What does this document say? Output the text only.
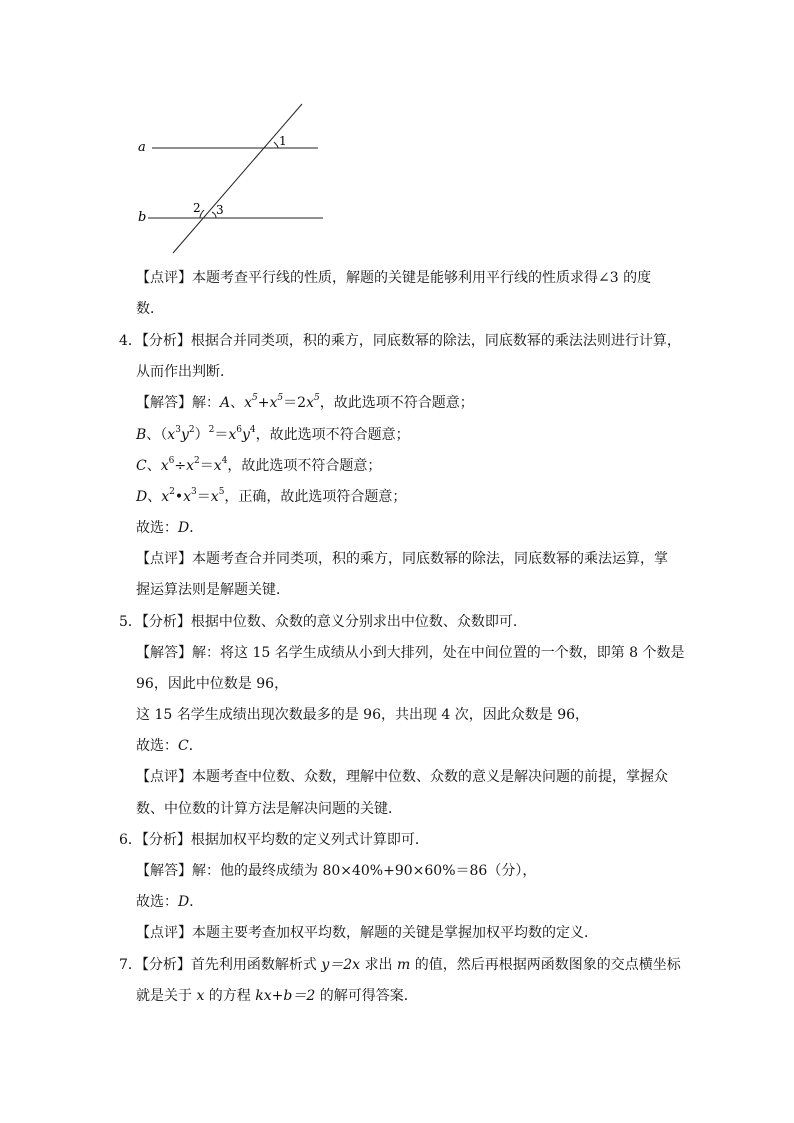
a
b
1
2 3
【点评】本题考查平行线的性质，解题的关键是能够利用平行线的性质求得∠3 的度
数．
4．【分析】根据合并同类项，积的乘方，同底数幂的除法，同底数幂的乘法法则进行计算，
从而作出判断．
【解答】解：A、$x^5+x^5=2x^5$，故此选项不符合题意；
B、$(x^3y^2)^2=x^6y^4$，故此选项不符合题意；
C、$x^6\div x^2=x^4$，故此选项不符合题意；
D、$x^2•x^3=x^5$，正确，故此选项符合题意；
故选：D．
【点评】本题考查合并同类项，积的乘方，同底数幂的除法，同底数幂的乘法运算，掌
握运算法则是解题关键．
5．【分析】根据中位数、众数的意义分别求出中位数、众数即可．
【解答】解：将这 15 名学生成绩从小到大排列，处在中间位置的一个数，即第 8 个数是
96，因此中位数是 96，
这 15 名学生成绩出现次数最多的是 96，共出现 4 次，因此众数是 96，
故选：C．
【点评】本题考查中位数、众数，理解中位数、众数的意义是解决问题的前提，掌握众
数、中位数的计算方法是解决问题的关键．
6．【分析】根据加权平均数的定义列式计算即可．
【解答】解：他的最终成绩为 80×40%+90×60%＝86（分），
故选：D．
【点评】本题主要考查加权平均数，解题的关键是掌握加权平均数的定义．
7．【分析】首先利用函数解析式 y＝2x 求出 m 的值，然后再根据两函数图象的交点横坐标
就是关于 x 的方程 kx+b＝2 的解可得答案．
